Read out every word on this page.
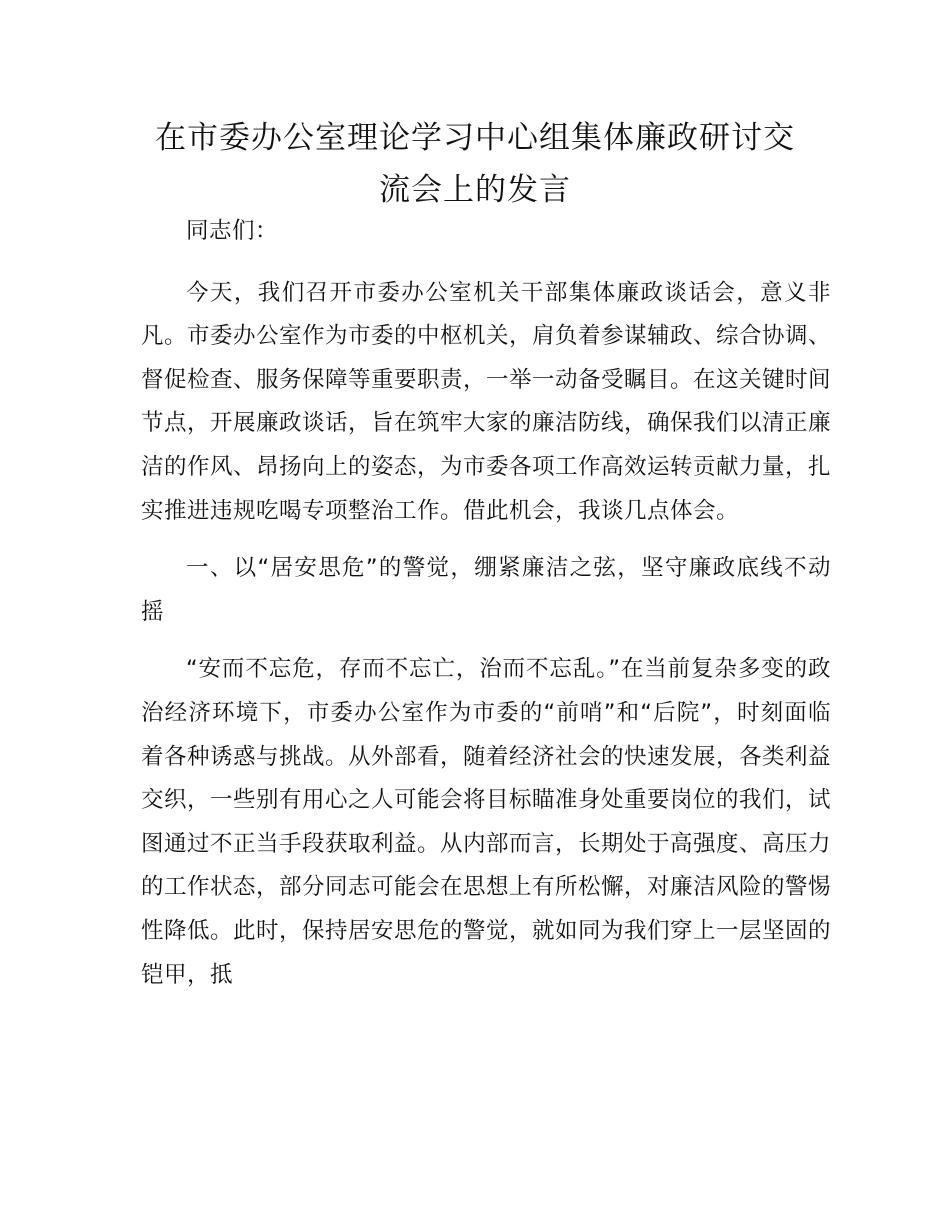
在市委办公室理论学习中心组集体廉政研讨交流会上的发言

同志们：

今天，我们召开市委办公室机关干部集体廉政谈话会，意义非凡。市委办公室作为市委的中枢机关，肩负着参谋辅政、综合协调、督促检查、服务保障等重要职责，一举一动备受瞩目。在这关键时间节点，开展廉政谈话，旨在筑牢大家的廉洁防线，确保我们以清正廉洁的作风、昂扬向上的姿态，为市委各项工作高效运转贡献力量，扎实推进违规吃喝专项整治工作。借此机会，我谈几点体会。

一、以“居安思危”的警觉，绷紧廉洁之弦，坚守廉政底线不动摇

“安而不忘危，存而不忘亡，治而不忘乱。”在当前复杂多变的政治经济环境下，市委办公室作为市委的“前哨”和“后院”，时刻面临着各种诱惑与挑战。从外部看，随着经济社会的快速发展，各类利益交织，一些别有用心之人可能会将目标瞄准身处重要岗位的我们，试图通过不正当手段获取利益。从内部而言，长期处于高强度、高压力的工作状态，部分同志可能会在思想上有所松懈，对廉洁风险的警惕性降低。此时，保持居安思危的警觉，就如同为我们穿上一层坚固的铠甲，抵
